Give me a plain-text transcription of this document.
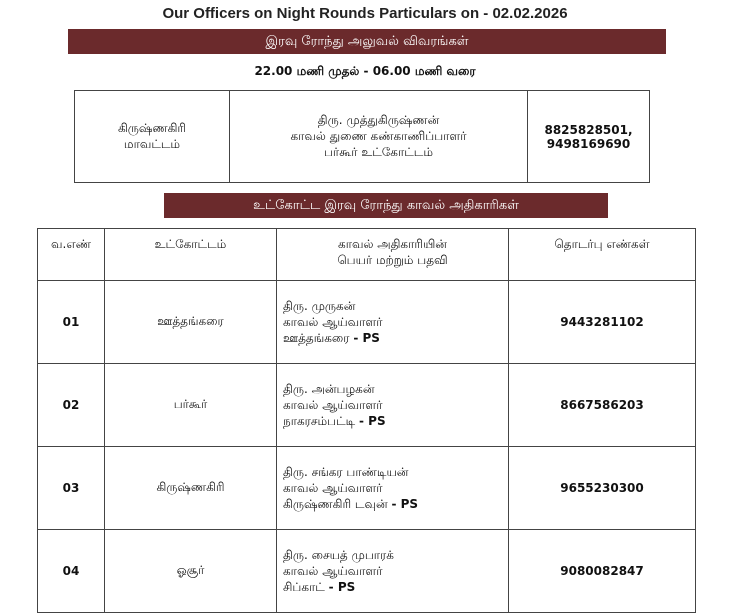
Our Officers on Night Rounds Particulars on - 02.02.2026
இரவு ரோந்து அலுவல் விவரங்கள்
22.00 மணி முதல் - 06.00 மணி வரை
கிருஷ்ணகிரி
மாவட்டம்

திரு. முத்துகிருஷ்ணன்
காவல் துணை கண்காணிப்பாளர்
பர்கூர் உட்கோட்டம்

8825828501,
9498169690
உட்கோட்ட இரவு ரோந்து காவல் அதிகாரிகள்
வ.எண்	உட்கோட்டம்	காவல் அதிகாரியின்
பெயர் மற்றும் பதவி	தொடர்பு எண்கள்
01	ஊத்தங்கரை	திரு. முருகன்
காவல் ஆய்வாளர்
ஊத்தங்கரை - PS	9443281102
02	பர்கூர்	திரு. அன்பழகன்
காவல் ஆய்வாளர்
நாகரசம்பட்டி - PS	8667586203
03	கிருஷ்ணகிரி	திரு. சங்கர பாண்டியன்
காவல் ஆய்வாளர்
கிருஷ்ணகிரி டவுன் - PS	9655230300
04	ஓசூர்	திரு. சையத் முபாரக்
காவல் ஆய்வாளர்
சிப்காட் - PS	9080082847
